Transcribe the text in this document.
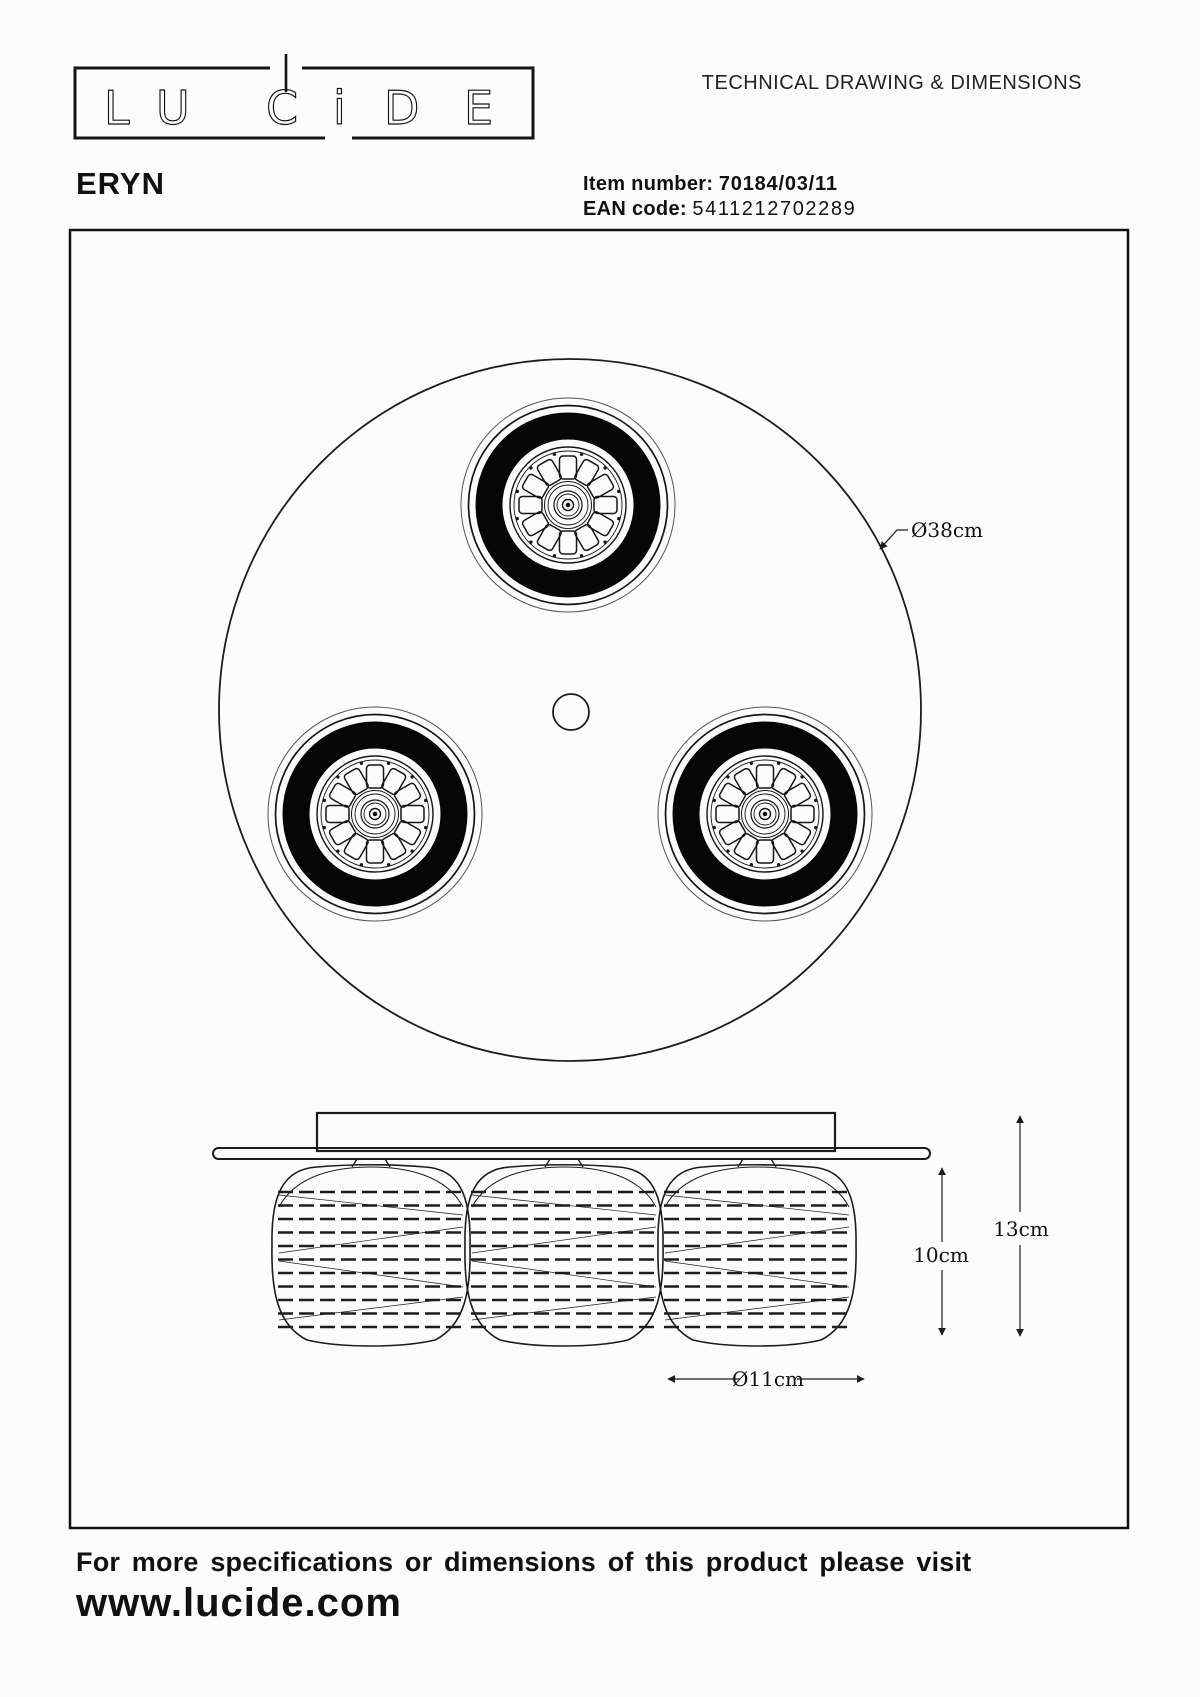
L U C i D E	TECHNICAL DRAWING & DIMENSIONS
ERYN	Item number: 70184/03/11
EAN code: 5411212702289
Ø38cm
10cm
13cm
Ø11cm
For more specifications or dimensions of this product please visit
www.lucide.com
